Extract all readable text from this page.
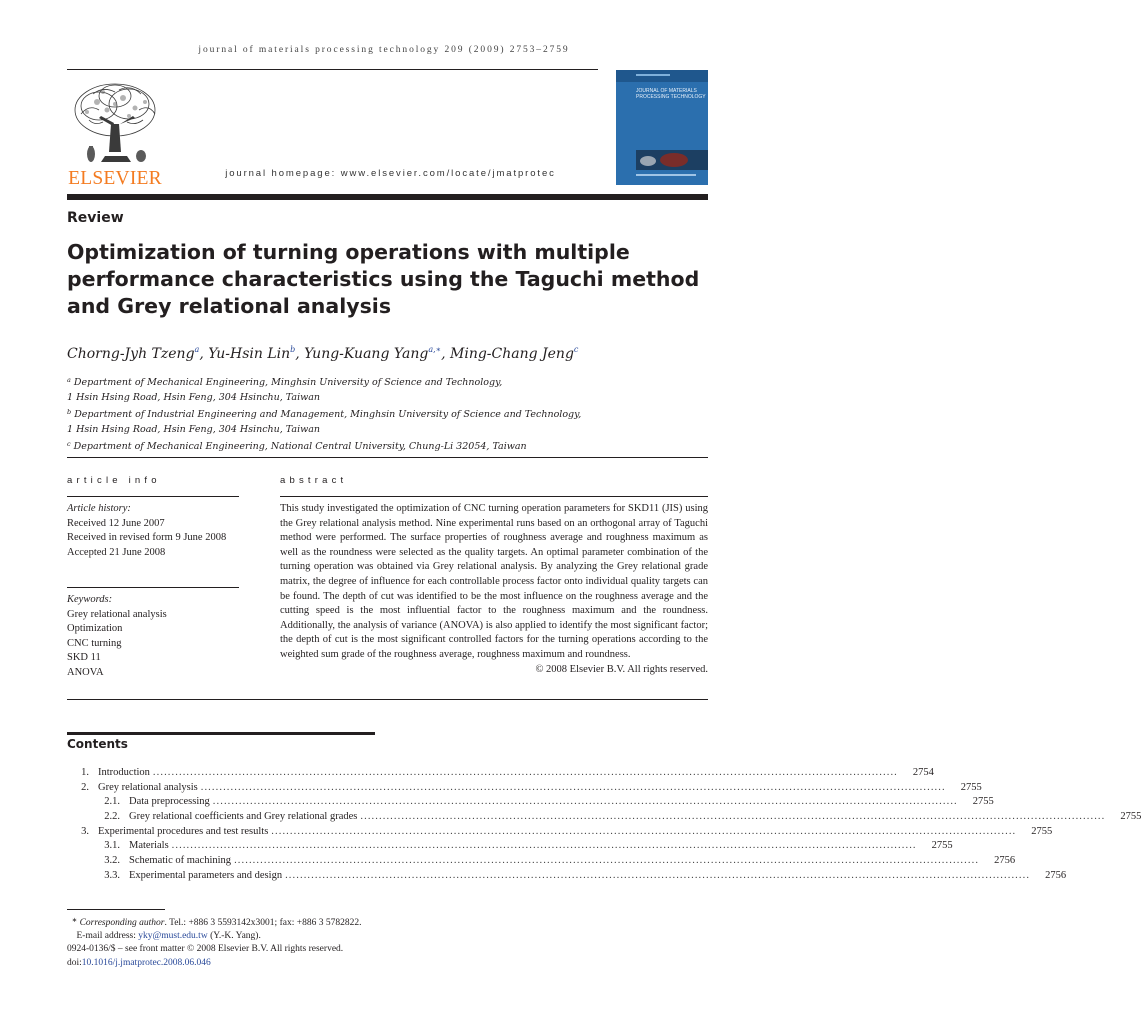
journal of materials processing technology 209 (2009) 2753–2759
ELSEVIER	journal homepage: www.elsevier.com/locate/jmatprotec
JOURNAL OF MATERIALS PROCESSING TECHNOLOGY
Review
Optimization of turning operations with multiple
performance characteristics using the Taguchi method
and Grey relational analysis
Chorng-Jyh Tzeng$^a$, Yu-Hsin Lin$^b$, Yung-Kuang Yang$^{a,∗}$, Ming-Chang Jeng$^c$
$^a$ Department of Mechanical Engineering, Minghsin University of Science and Technology,
1 Hsin Hsing Road, Hsin Feng, 304 Hsinchu, Taiwan
$^b$ Department of Industrial Engineering and Management, Minghsin University of Science and Technology,
1 Hsin Hsing Road, Hsin Feng, 304 Hsinchu, Taiwan
$^c$ Department of Mechanical Engineering, National Central University, Chung-Li 32054, Taiwan
article info
Article history:
Received 12 June 2007
Received in revised form 9 June 2008
Accepted 21 June 2008
Keywords:
Grey relational analysis
Optimization
CNC turning
SKD 11
ANOVA
abstract
This study investigated the optimization of CNC turning operation parameters for SKD11 (JIS) using the Grey relational analysis method. Nine experimental runs based on an orthogonal array of Taguchi method were performed. The surface properties of roughness average and roughness maximum as well as the roundness were selected as the quality targets. An optimal parameter combination of the turning operation was obtained via Grey relational analysis. By analyzing the Grey relational grade matrix, the degree of influence for each controllable process factor onto individual quality targets can be found. The depth of cut was identified to be the most influence on the roughness average and the cutting speed is the most influential factor to the roughness maximum and the roundness. Additionally, the analysis of variance (ANOVA) is also applied to identify the most significant factor; the depth of cut is the most significant controlled factors for the turning operations according to the weighted sum grade of the roughness average, roughness maximum and roundness.
© 2008 Elsevier B.V. All rights reserved.
Contents
1. Introduction ........................................................................................................................................................................................................	2754
2. Grey relational analysis ........................................................................................................................................................................................................	2755
2.1. Data preprocessing ........................................................................................................................................................................................................	2755
2.2. Grey relational coefficients and Grey relational grades ........................................................................................................................................................................................................	2755
3. Experimental procedures and test results ........................................................................................................................................................................................................	2755
3.1. Materials ........................................................................................................................................................................................................	2755
3.2. Schematic of machining ........................................................................................................................................................................................................	2756
3.3. Experimental parameters and design ........................................................................................................................................................................................................	2756
∗ Corresponding author. Tel.: +886 3 5593142x3001; fax: +886 3 5782822.
E-mail address: yky@must.edu.tw (Y.-K. Yang).
0924-0136/$ – see front matter © 2008 Elsevier B.V. All rights reserved.
doi:10.1016/j.jmatprotec.2008.06.046
